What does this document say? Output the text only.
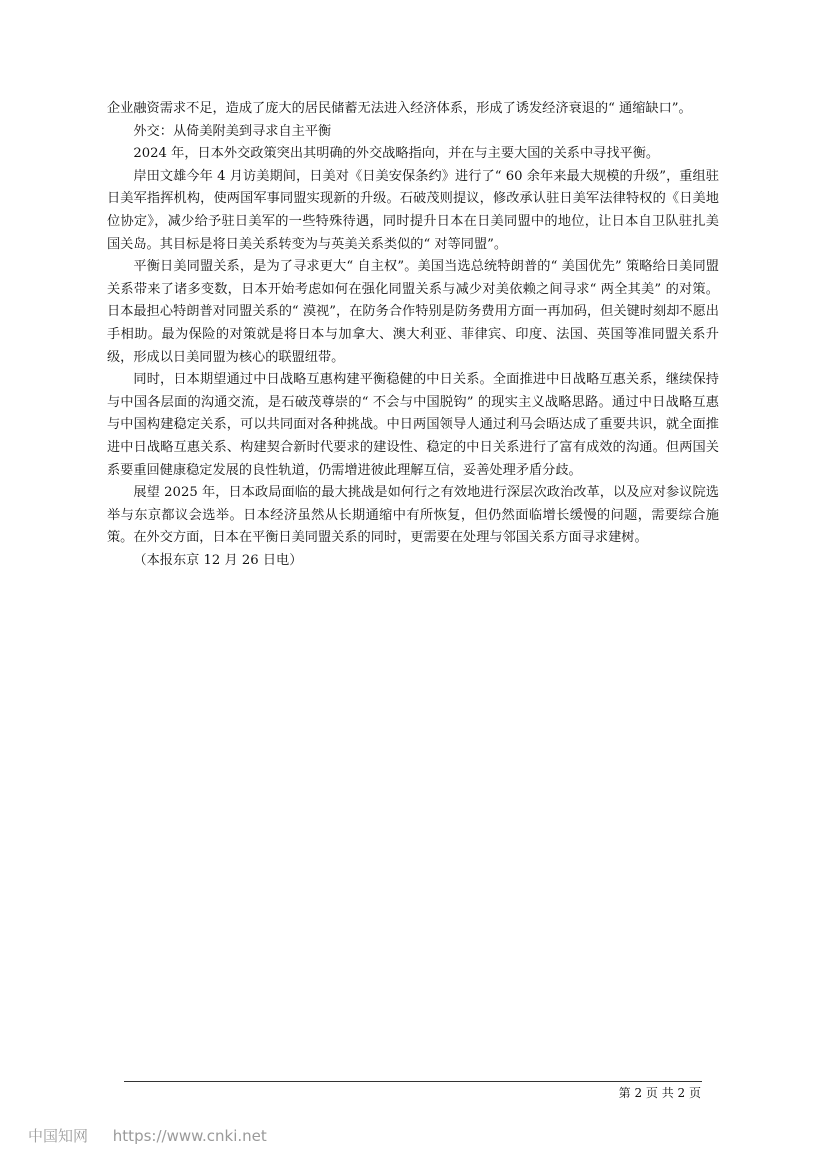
企业融资需求不足，造成了庞大的居民储蓄无法进入经济体系，形成了诱发经济衰退的“ 通缩缺口”。

外交：从倚美附美到寻求自主平衡

2024 年，日本外交政策突出其明确的外交战略指向，并在与主要大国的关系中寻找平衡。

岸田文雄今年 4 月访美期间，日美对《日美安保条约》进行了“ 60 余年来最大规模的升级”，重组驻日美军指挥机构，使两国军事同盟实现新的升级。石破茂则提议，修改承认驻日美军法律特权的《日美地位协定》，减少给予驻日美军的一些特殊待遇，同时提升日本在日美同盟中的地位，让日本自卫队驻扎美国关岛。其目标是将日美关系转变为与英美关系类似的“ 对等同盟”。

平衡日美同盟关系，是为了寻求更大“ 自主权”。美国当选总统特朗普的“ 美国优先” 策略给日美同盟关系带来了诸多变数，日本开始考虑如何在强化同盟关系与减少对美依赖之间寻求“ 两全其美” 的对策。日本最担心特朗普对同盟关系的“ 漠视”，在防务合作特别是防务费用方面一再加码，但关键时刻却不愿出手相助。最为保险的对策就是将日本与加拿大、澳大利亚、菲律宾、印度、法国、英国等准同盟关系升级，形成以日美同盟为核心的联盟纽带。

同时，日本期望通过中日战略互惠构建平衡稳健的中日关系。全面推进中日战略互惠关系，继续保持与中国各层面的沟通交流，是石破茂尊崇的“ 不会与中国脱钩” 的现实主义战略思路。通过中日战略互惠与中国构建稳定关系，可以共同面对各种挑战。中日两国领导人通过利马会晤达成了重要共识，就全面推进中日战略互惠关系、构建契合新时代要求的建设性、稳定的中日关系进行了富有成效的沟通。但两国关系要重回健康稳定发展的良性轨道，仍需增进彼此理解互信，妥善处理矛盾分歧。

展望 2025 年，日本政局面临的最大挑战是如何行之有效地进行深层次政治改革，以及应对参议院选举与东京都议会选举。日本经济虽然从长期通缩中有所恢复，但仍然面临增长缓慢的问题，需要综合施策。在外交方面，日本在平衡日美同盟关系的同时，更需要在处理与邻国关系方面寻求建树。

（本报东京 12 月 26 日电）

第 2 页 共 2 页
中国知网 https://www.cnki.net
